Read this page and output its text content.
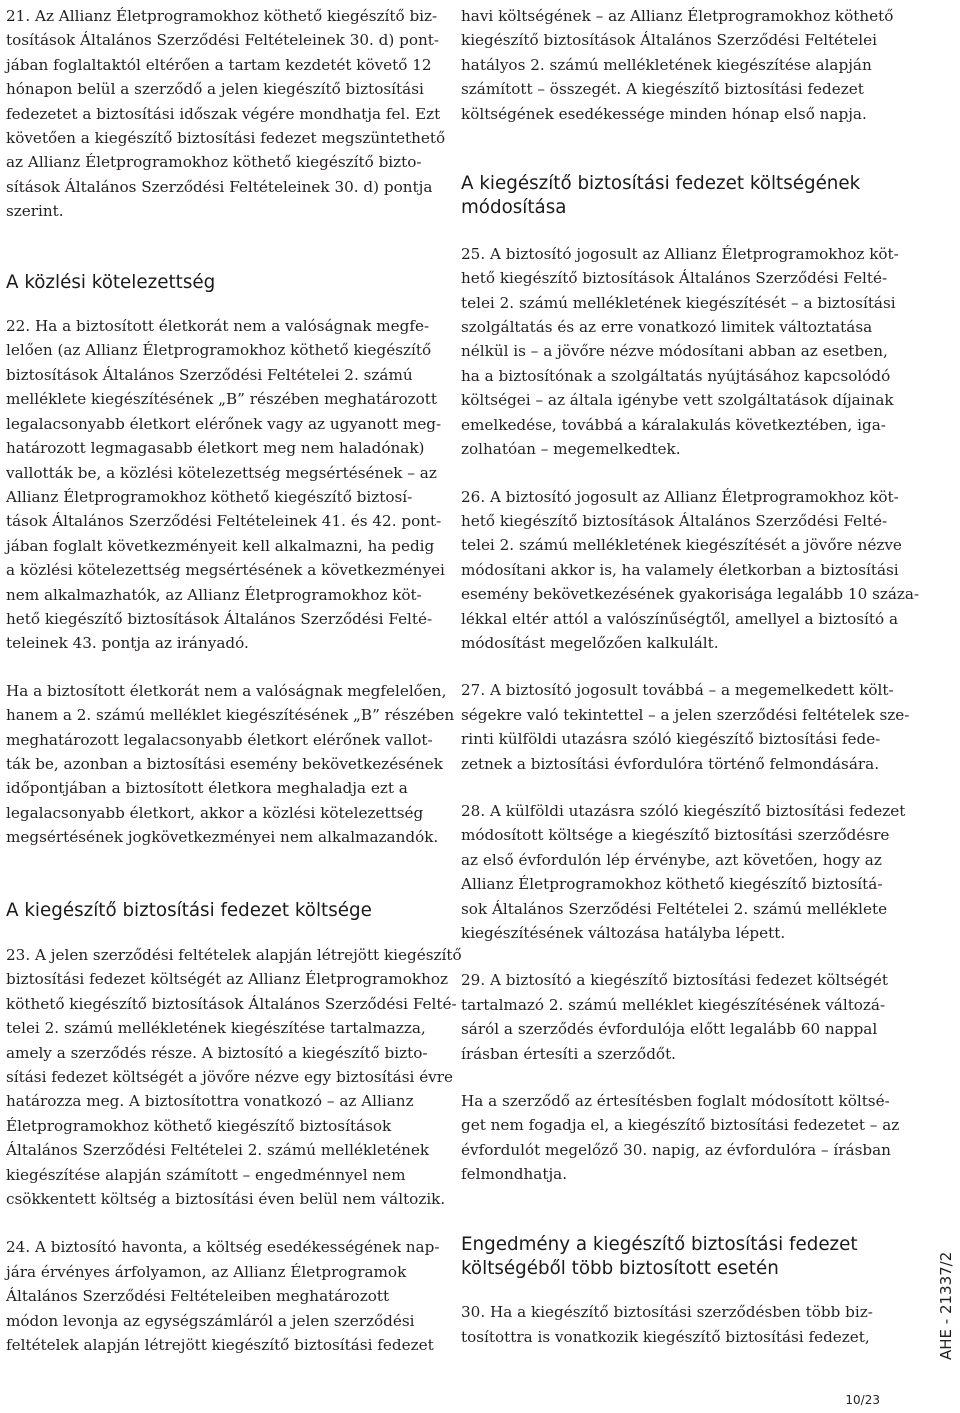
21. Az Allianz Életprogramokhoz köthető kiegészítő biz-
tosítások Általános Szerződési Feltételeinek 30. d) pont-
jában foglaltaktól eltérően a tartam kezdetét követő 12
hónapon belül a szerződő a jelen kiegészítő biztosítási
fedezetet a biztosítási időszak végére mondhatja fel. Ezt
követően a kiegészítő biztosítási fedezet megszüntethető
az Allianz Életprogramokhoz köthető kiegészítő bizto-
sítások Általános Szerződési Feltételeinek 30. d) pontja
szerint.
A közlési kötelezettség
22. Ha a biztosított életkorát nem a valóságnak megfe-
lelően (az Allianz Életprogramokhoz köthető kiegészítő
biztosítások Általános Szerződési Feltételei 2. számú
melléklete kiegészítésének „B” részében meghatározott
legalacsonyabb életkort elérőnek vagy az ugyanott meg-
határozott legmagasabb életkort meg nem haladónak)
vallották be, a közlési kötelezettség megsértésének – az
Allianz Életprogramokhoz köthető kiegészítő biztosí-
tások Általános Szerződési Feltételeinek 41. és 42. pont-
jában foglalt következményeit kell alkalmazni, ha pedig
a közlési kötelezettség megsértésének a következményei
nem alkalmazhatók, az Allianz Életprogramokhoz köt-
hető kiegészítő biztosítások Általános Szerződési Felté-
teleinek 43. pontja az irányadó.
Ha a biztosított életkorát nem a valóságnak megfelelően,
hanem a 2. számú melléklet kiegészítésének „B” részében
meghatározott legalacsonyabb életkort elérőnek vallot-
ták be, azonban a biztosítási esemény bekövetkezésének
időpontjában a biztosított életkora meghaladja ezt a
legalacsonyabb életkort, akkor a közlési kötelezettség
megsértésének jogkövetkezményei nem alkalmazandók.
A kiegészítő biztosítási fedezet költsége
23. A jelen szerződési feltételek alapján létrejött kiegészítő
biztosítási fedezet költségét az Allianz Életprogramokhoz
köthető kiegészítő biztosítások Általános Szerződési Felté-
telei 2. számú mellékletének kiegészítése tartalmazza,
amely a szerződés része. A biztosító a kiegészítő bizto-
sítási fedezet költségét a jövőre nézve egy biztosítási évre
határozza meg. A biztosítottra vonatkozó – az Allianz
Életprogramokhoz köthető kiegészítő biztosítások
Általános Szerződési Feltételei 2. számú mellékletének
kiegészítése alapján számított – engedménnyel nem
csökkentett költség a biztosítási éven belül nem változik.
24. A biztosító havonta, a költség esedékességének nap-
jára érvényes árfolyamon, az Allianz Életprogramok
Általános Szerződési Feltételeiben meghatározott
módon levonja az egységszámláról a jelen szerződési
feltételek alapján létrejött kiegészítő biztosítási fedezet
havi költségének – az Allianz Életprogramokhoz köthető
kiegészítő biztosítások Általános Szerződési Feltételei
hatályos 2. számú mellékletének kiegészítése alapján
számított – összegét. A kiegészítő biztosítási fedezet
költségének esedékessége minden hónap első napja.
A kiegészítő biztosítási fedezet költségének
módosítása
25. A biztosító jogosult az Allianz Életprogramokhoz köt-
hető kiegészítő biztosítások Általános Szerződési Felté-
telei 2. számú mellékletének kiegészítését – a biztosítási
szolgáltatás és az erre vonatkozó limitek változtatása
nélkül is – a jövőre nézve módosítani abban az esetben,
ha a biztosítónak a szolgáltatás nyújtásához kapcsolódó
költségei – az általa igénybe vett szolgáltatások díjainak
emelkedése, továbbá a káralakulás következtében, iga-
zolhatóan – megemelkedtek.
26. A biztosító jogosult az Allianz Életprogramokhoz köt-
hető kiegészítő biztosítások Általános Szerződési Felté-
telei 2. számú mellékletének kiegészítését a jövőre nézve
módosítani akkor is, ha valamely életkorban a biztosítási
esemény bekövetkezésének gyakorisága legalább 10 száza-
lékkal eltér attól a valószínűségtől, amellyel a biztosító a
módosítást megelőzően kalkulált.
27. A biztosító jogosult továbbá – a megemelkedett költ-
ségekre való tekintettel – a jelen szerződési feltételek sze-
rinti külföldi utazásra szóló kiegészítő biztosítási fede-
zetnek a biztosítási évfordulóra történő felmondására.
28. A külföldi utazásra szóló kiegészítő biztosítási fedezet
módosított költsége a kiegészítő biztosítási szerződésre
az első évfordulón lép érvénybe, azt követően, hogy az
Allianz Életprogramokhoz köthető kiegészítő biztosítá-
sok Általános Szerződési Feltételei 2. számú melléklete
kiegészítésének változása hatályba lépett.
29. A biztosító a kiegészítő biztosítási fedezet költségét
tartalmazó 2. számú melléklet kiegészítésének változá-
sáról a szerződés évfordulója előtt legalább 60 nappal
írásban értesíti a szerződőt.
Ha a szerződő az értesítésben foglalt módosított költsé-
get nem fogadja el, a kiegészítő biztosítási fedezetet – az
évfordulót megelőző 30. napig, az évfordulóra – írásban
felmondhatja.
Engedmény a kiegészítő biztosítási fedezet
költségéből több biztosított esetén
30. Ha a kiegészítő biztosítási szerződésben több biz-
tosítottra is vonatkozik kiegészítő biztosítási fedezet,	AHE - 21337/2
10/23
